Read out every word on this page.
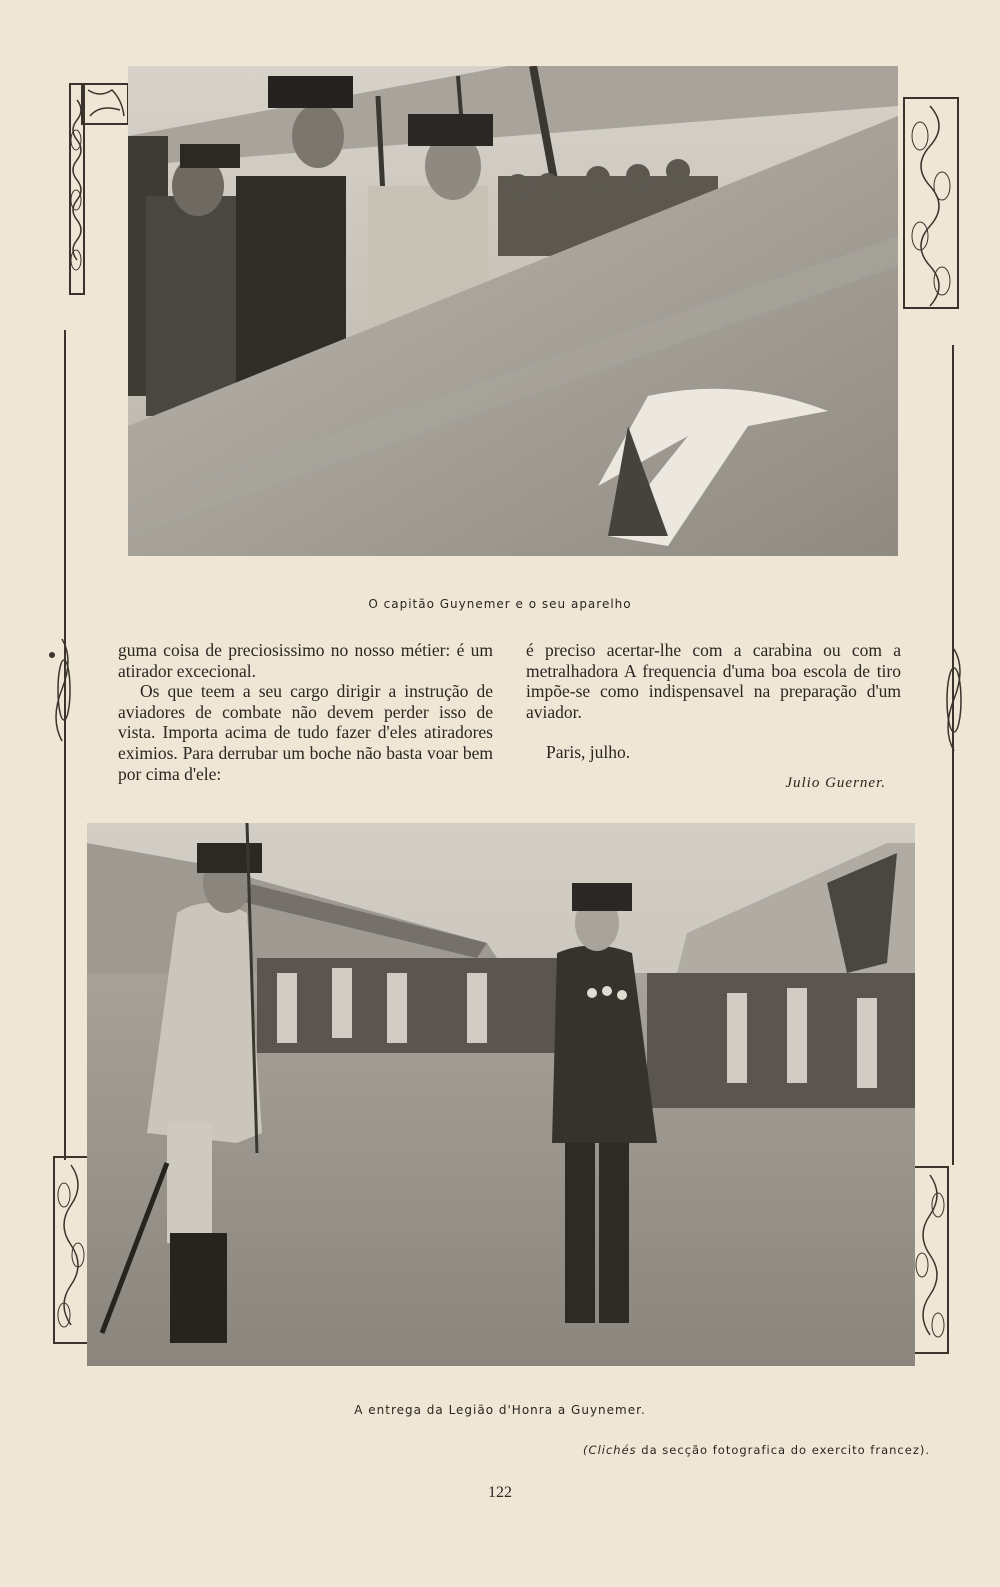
O capitão Guynemer e o seu aparelho

guma coisa de preciosissimo no nosso métier: é um atirador excecional.

Os que teem a seu cargo dirigir a instrução de aviadores de combate não devem perder isso de vista. Importa acima de tudo fazer d'eles atiradores eximios. Para derrubar um boche não basta voar bem por cima d'ele:

é preciso acertar-lhe com a carabina ou com a metralhadora A frequencia d'uma boa escola de tiro impõe-se como indispensavel na preparação d'um aviador.

Paris, julho.

Julio Guerner.
A entrega da Legião d'Honra a Guynemer.
(Clichés da secção fotografica do exercito francez).
122
